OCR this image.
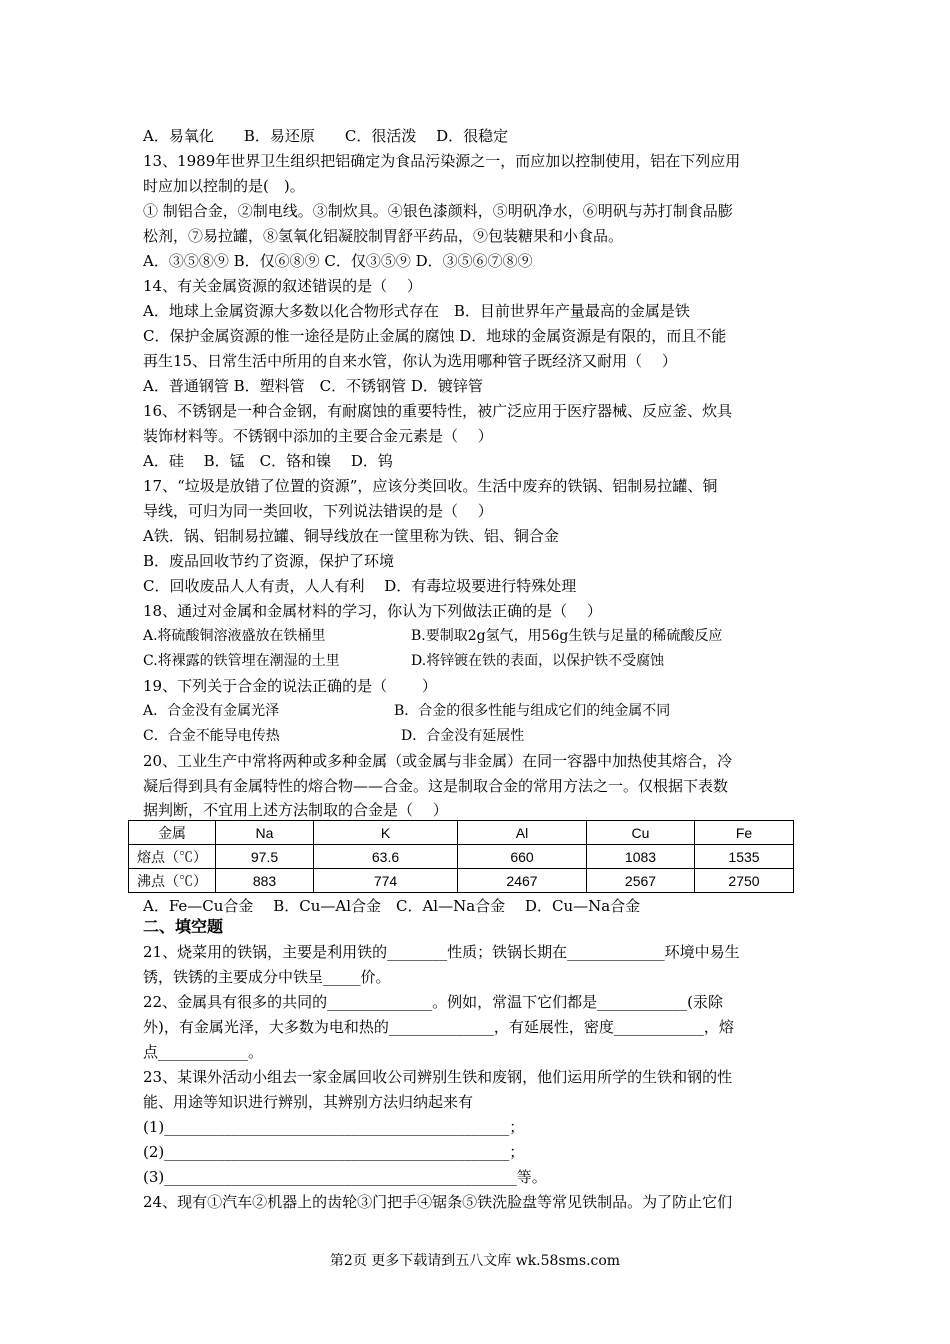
A．易氧化　　B．易还原　　C．很活泼　 D．很稳定
13、1989年世界卫生组织把铝确定为食品污染源之一，而应加以控制使用，铝在下列应用
时应加以控制的是(　)。
① 制铝合金，②制电线。③制炊具。④银色漆颜料，⑤明矾净水，⑥明矾与苏打制食品膨
松剂，⑦易拉罐，⑧氢氧化铝凝胶制胃舒平药品，⑨包装糖果和小食品。
A．③⑤⑧⑨ B．仅⑥⑧⑨ C．仅③⑤⑨ D．③⑤⑥⑦⑧⑨
14、有关金属资源的叙述错误的是（　 ）
A．地球上金属资源大多数以化合物形式存在　B．目前世界年产量最高的金属是铁
C．保护金属资源的惟一途径是防止金属的腐蚀 D．地球的金属资源是有限的，而且不能
再生15、日常生活中所用的自来水管，你认为选用哪种管子既经济又耐用（　 ）
A．普通钢管 B．塑料管　C．不锈钢管 D．镀锌管
16、不锈钢是一种合金钢，有耐腐蚀的重要特性，被广泛应用于医疗器械、反应釜、炊具
装饰材料等。不锈钢中添加的主要合金元素是（　 ）
A．硅　 B．锰　C．铬和镍　 D．钨
17、“垃圾是放错了位置的资源”，应该分类回收。生活中废弃的铁锅、铝制易拉罐、铜
导线，可归为同一类回收，下列说法错误的是（　 ）
A铁．锅、铝制易拉罐、铜导线放在一筐里称为铁、铝、铜合金
B．废品回收节约了资源，保护了环境
C．回收废品人人有责，人人有利　 D．有毒垃圾要进行特殊处理
18、通过对金属和金属材料的学习，你认为下列做法正确的是（　 ）
A.将硫酸铜溶液盛放在铁桶里	B.要制取2g氢气，用56g生铁与足量的稀硫酸反应
C.将裸露的铁管埋在潮湿的土里	D.将锌镀在铁的表面，以保护铁不受腐蚀
19、下列关于合金的说法正确的是（　　 ）
A．合金没有金属光泽	B．合金的很多性能与组成它们的纯金属不同
C．合金不能导电传热	D．合金没有延展性
20、工业生产中常将两种或多种金属（或金属与非金属）在同一容器中加热使其熔合，冷
凝后得到具有金属特性的熔合物——合金。这是制取合金的常用方法之一。仅根据下表数
据判断，不宜用上述方法制取的合金是（　 ）
金属	Na	K	Al	Cu	Fe
熔点（℃）	97.5	63.6	660	1083	1535
沸点（℃）	883	774	2467	2567	2750
A．Fe—Cu合金　 B．Cu—Al合金　C．Al—Na合金　 D．Cu—Na合金
二、填空题
21、烧菜用的铁锅，主要是利用铁的________性质；铁锅长期在_____________环境中易生
锈，铁锈的主要成分中铁呈_____价。
22、金属具有很多的共同的______________。例如，常温下它们都是____________(汞除
外)，有金属光泽，大多数为电和热的______________，有延展性，密度____________，熔
点____________。
23、某课外活动小组去一家金属回收公司辨别生铁和废钢，他们运用所学的生铁和钢的性
能、用途等知识进行辨别，其辨别方法归纳起来有
(1)______________________________________________；
(2)______________________________________________；
(3)_______________________________________________等。
24、现有①汽车②机器上的齿轮③门把手④锯条⑤铁洗脸盘等常见铁制品。为了防止它们
第2页 更多下载请到五八文库 wk.58sms.com
